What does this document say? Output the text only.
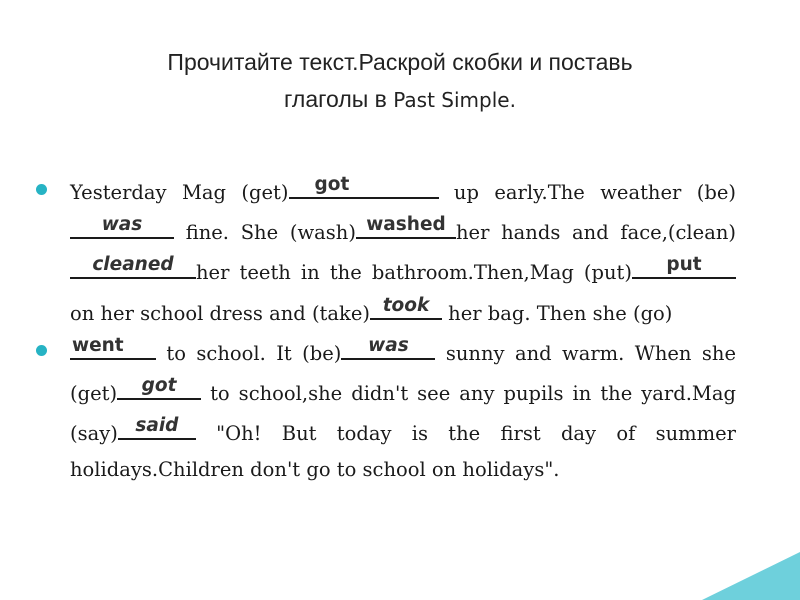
Прочитайте текст.Раскрой скобки и поставь
глаголы в Past Simple.
Yesterday Mag (get)	got	up early.The weather (be)
was	fine. She (wash) washed her hands and face,(clean)
cleaned	her teeth in the bathroom.Then,Mag (put)	put
on her school dress and (take) took her bag. Then she (go)
went	to school. It (be)	was	sunny and warm. When she (get)	got	to school,she didn't see any pupils in the yard.Mag (say) said "Oh! But today is the first day of summer holidays.Children don't go to school on holidays".
